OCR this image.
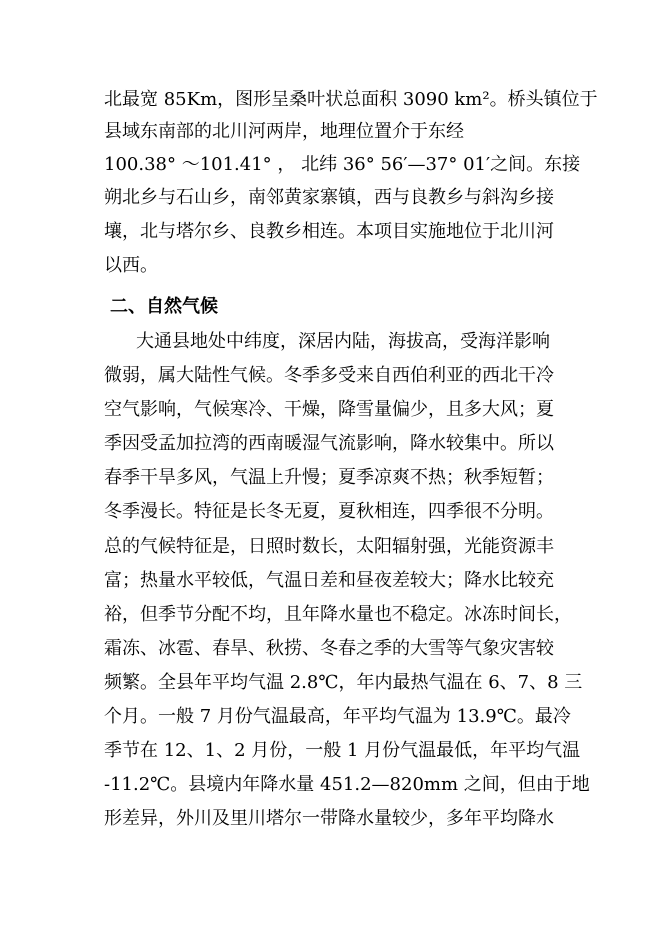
北最宽 85Km，图形呈桑叶状总面积 3090 km²。桥头镇位于
县域东南部的北川河两岸，地理位置介于东经
100.38° ～101.41° ， 北纬 36° 56′—37° 01′之间。东接
朔北乡与石山乡，南邻黄家寨镇，西与良教乡与斜沟乡接
壤，北与塔尔乡、良教乡相连。本项目实施地位于北川河
以西。
二、自然气候
大通县地处中纬度，深居内陆，海拔高，受海洋影响
微弱，属大陆性气候。冬季多受来自西伯利亚的西北干冷
空气影响，气候寒冷、干燥，降雪量偏少，且多大风；夏
季因受孟加拉湾的西南暖湿气流影响，降水较集中。所以
春季干旱多风，气温上升慢；夏季凉爽不热；秋季短暂；
冬季漫长。特征是长冬无夏，夏秋相连，四季很不分明。
总的气候特征是，日照时数长，太阳辐射强，光能资源丰
富；热量水平较低，气温日差和昼夜差较大；降水比较充
裕，但季节分配不均，且年降水量也不稳定。冰冻时间长，
霜冻、冰雹、春旱、秋捞、冬春之季的大雪等气象灾害较
频繁。全县年平均气温 2.8℃，年内最热气温在 6、7、8 三
个月。一般 7 月份气温最高，年平均气温为 13.9℃。最冷
季节在 12、1、2 月份，一般 1 月份气温最低，年平均气温
-11.2℃。县境内年降水量 451.2—820mm 之间，但由于地
形差异，外川及里川塔尔一带降水量较少，多年平均降水
